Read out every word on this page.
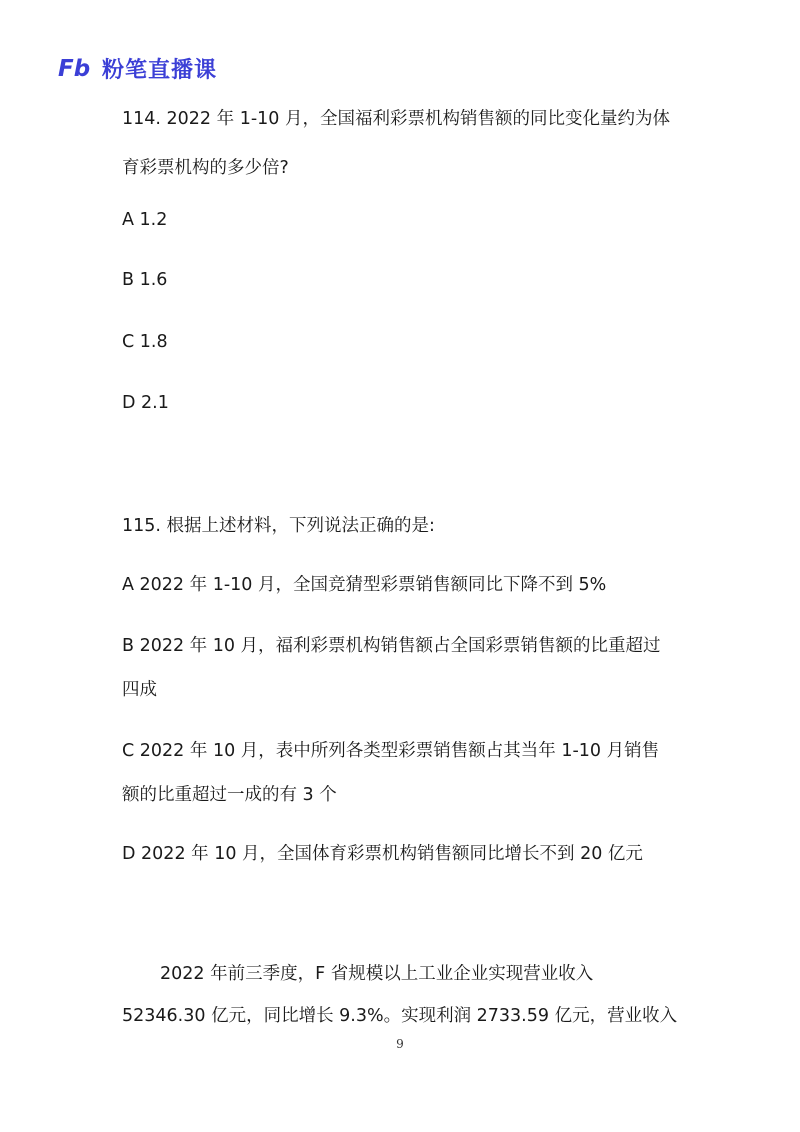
Fb 粉笔直播课
114. 2022 年 1-10 月，全国福利彩票机构销售额的同比变化量约为体
育彩票机构的多少倍?
A 1.2
B 1.6
C 1.8
D 2.1
115. 根据上述材料，下列说法正确的是:
A 2022 年 1-10 月，全国竞猜型彩票销售额同比下降不到 5%
B 2022 年 10 月，福利彩票机构销售额占全国彩票销售额的比重超过
四成
C 2022 年 10 月，表中所列各类型彩票销售额占其当年 1-10 月销售
额的比重超过一成的有 3 个
D 2022 年 10 月，全国体育彩票机构销售额同比增长不到 20 亿元
2022 年前三季度，F 省规模以上工业企业实现营业收入
52346.30 亿元，同比增长 9.3%。实现利润 2733.59 亿元，营业收入
9
